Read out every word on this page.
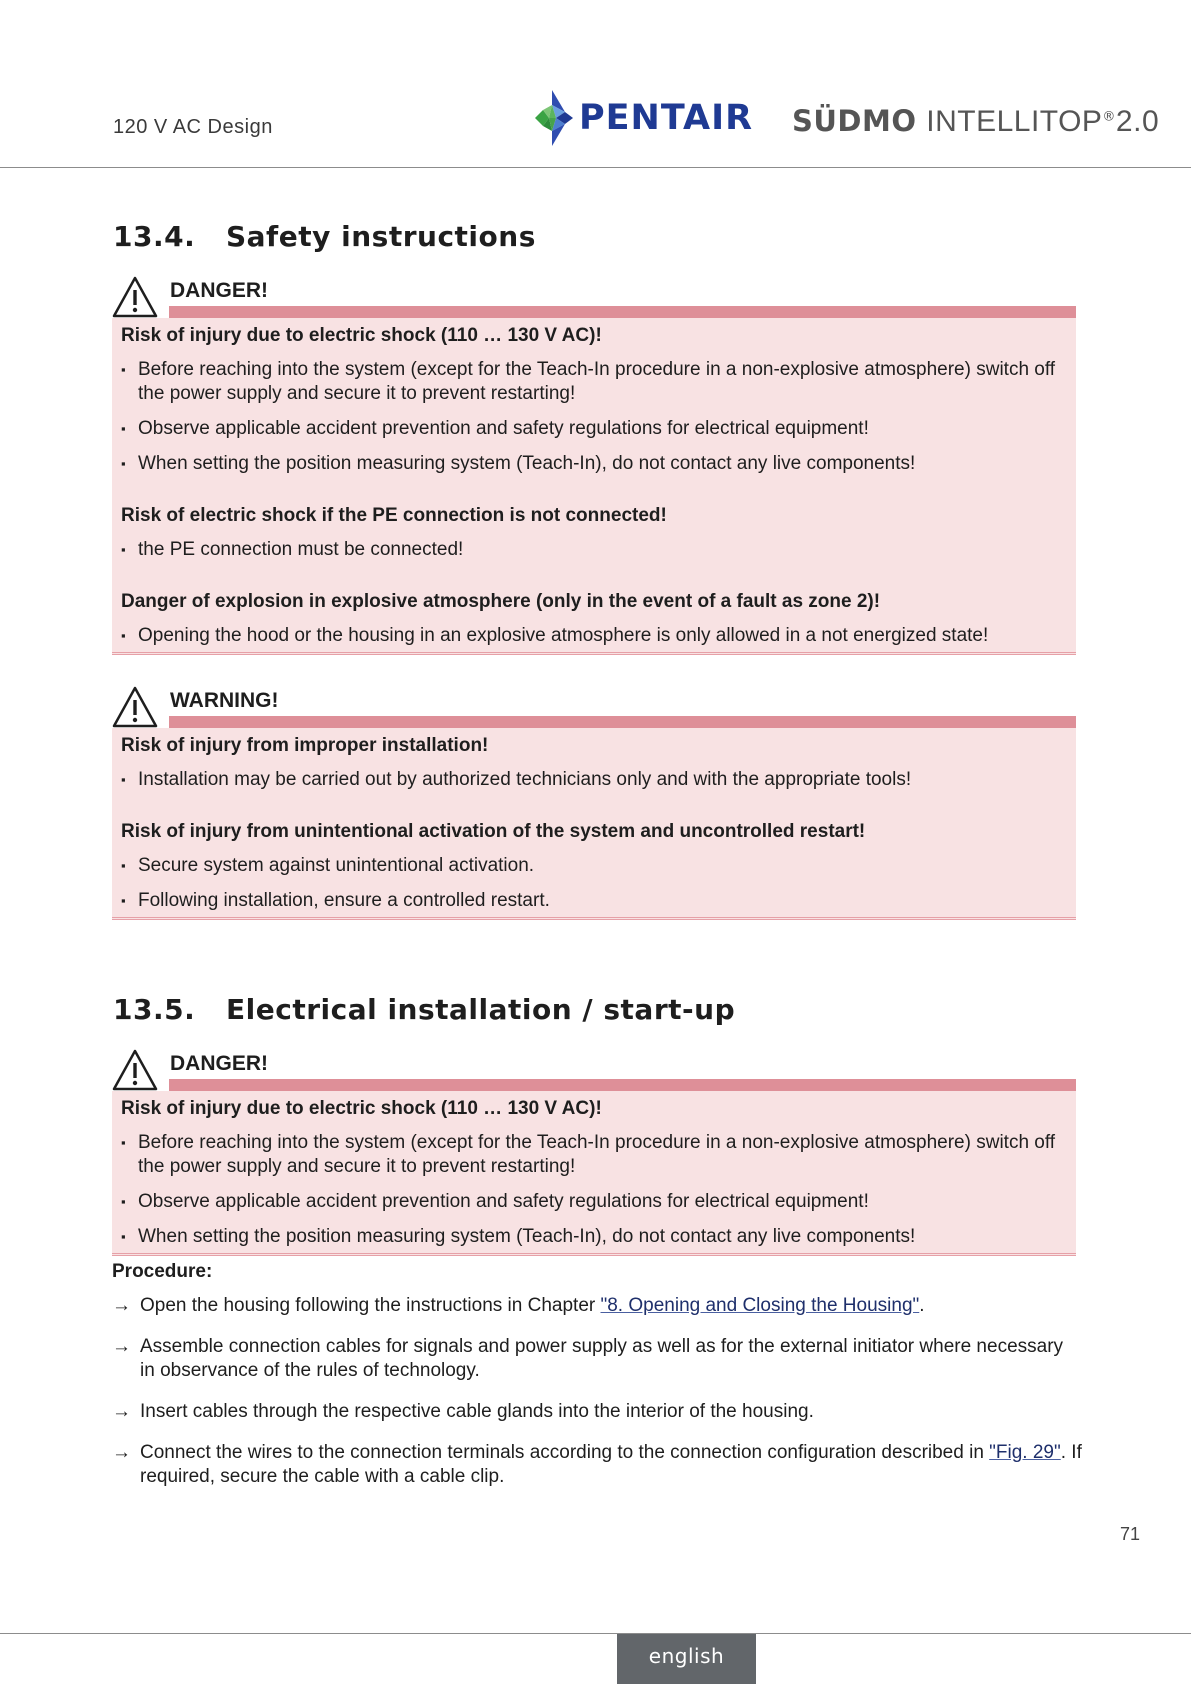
120 V AC Design	PENTAIR SÜDMO INTELLITOP®2.0
13.4. Safety instructions
DANGER!
Risk of injury due to electric shock (110 … 130 V AC)!
▪ Before reaching into the system (except for the Teach-In procedure in a non-explosive atmosphere) switch off the power supply and secure it to prevent restarting!
▪ Observe applicable accident prevention and safety regulations for electrical equipment!
▪ When setting the position measuring system (Teach-In), do not contact any live components!
Risk of electric shock if the PE connection is not connected!
▪ the PE connection must be connected!
Danger of explosion in explosive atmosphere (only in the event of a fault as zone 2)!
▪ Opening the hood or the housing in an explosive atmosphere is only allowed in a not energized state!
WARNING!
Risk of injury from improper installation!
▪ Installation may be carried out by authorized technicians only and with the appropriate tools!
Risk of injury from unintentional activation of the system and uncontrolled restart!
▪ Secure system against unintentional activation.
▪ Following installation, ensure a controlled restart.
13.5. Electrical installation / start-up
DANGER!
Risk of injury due to electric shock (110 … 130 V AC)!
▪ Before reaching into the system (except for the Teach-In procedure in a non-explosive atmosphere) switch off the power supply and secure it to prevent restarting!
▪ Observe applicable accident prevention and safety regulations for electrical equipment!
▪ When setting the position measuring system (Teach-In), do not contact any live components!
Procedure:
→ Open the housing following the instructions in Chapter "8. Opening and Closing the Housing".
→ Assemble connection cables for signals and power supply as well as for the external initiator where necessary in observance of the rules of technology.
→ Insert cables through the respective cable glands into the interior of the housing.
→ Connect the wires to the connection terminals according to the connection configuration described in "Fig. 29". If required, secure the cable with a cable clip.
71
english
